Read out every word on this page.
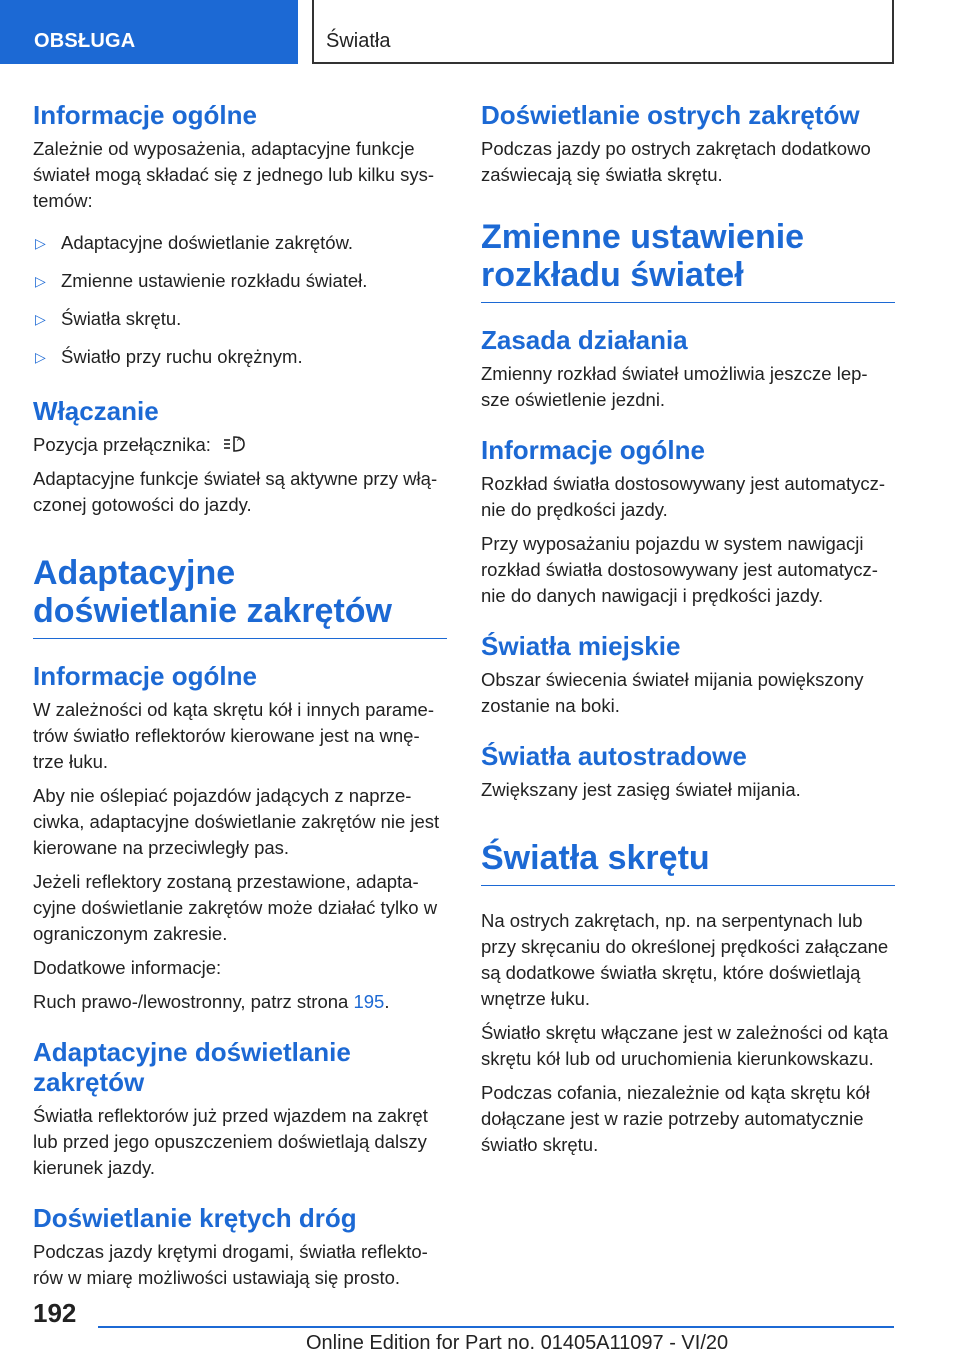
OBSŁUGA	Światła
Informacje ogólne

Zależnie od wyposażenia, adaptacyjne funkcje świateł mogą składać się z jednego lub kilku sys-temów:

▷ Adaptacyjne doświetlanie zakrętów.
▷ Zmienne ustawienie rozkładu świateł.
▷ Światła skrętu.
▷ Światło przy ruchu okrężnym.
Włączanie

Pozycja przełącznika:	A

Adaptacyjne funkcje świateł są aktywne przy włą-czonej gotowości do jazdy.

Adaptacyjne doświetlanie zakrętów
Informacje ogólne

W zależności od kąta skrętu kół i innych parame-trów światło reflektorów kierowane jest na wnę-trze łuku.

Aby nie oślepiać pojazdów jadących z naprze-ciwka, adaptacyjne doświetlanie zakrętów nie jest kierowane na przeciwległy pas.

Jeżeli reflektory zostaną przestawione, adapta-cyjne doświetlanie zakrętów może działać tylko w ograniczonym zakresie.

Dodatkowe informacje:

Ruch prawo-/lewostronny, patrz strona 195.

Adaptacyjne doświetlanie zakrętów

Światła reflektorów już przed wjazdem na zakręt lub przed jego opuszczeniem doświetlają dalszy kierunek jazdy.

Doświetlanie krętych dróg

Podczas jazdy krętymi drogami, światła reflekto-rów w miarę możliwości ustawiają się prosto.

Doświetlanie ostrych zakrętów

Podczas jazdy po ostrych zakrętach dodatkowo zaświecają się światła skrętu.

Zmienne ustawienie rozkładu świateł
Zasada działania

Zmienny rozkład świateł umożliwia jeszcze lep-sze oświetlenie jezdni.

Informacje ogólne

Rozkład światła dostosowywany jest automatycz-nie do prędkości jazdy.

Przy wyposażaniu pojazdu w system nawigacji rozkład światła dostosowywany jest automatycz-nie do danych nawigacji i prędkości jazdy.

Światła miejskie

Obszar świecenia świateł mijania powiększony zostanie na boki.

Światła autostradowe

Zwiększany jest zasięg świateł mijania.

Światła skrętu

Na ostrych zakrętach, np. na serpentynach lub przy skręcaniu do określonej prędkości załączane są dodatkowe światła skrętu, które doświetlają wnętrze łuku.

Światło skrętu włączane jest w zależności od kąta skrętu kół lub od uruchomienia kierunkowskazu.

Podczas cofania, niezależnie od kąta skrętu kół dołączane jest w razie potrzeby automatycznie światło skrętu.

192
Online Edition for Part no. 01405A11097 - VI/20
